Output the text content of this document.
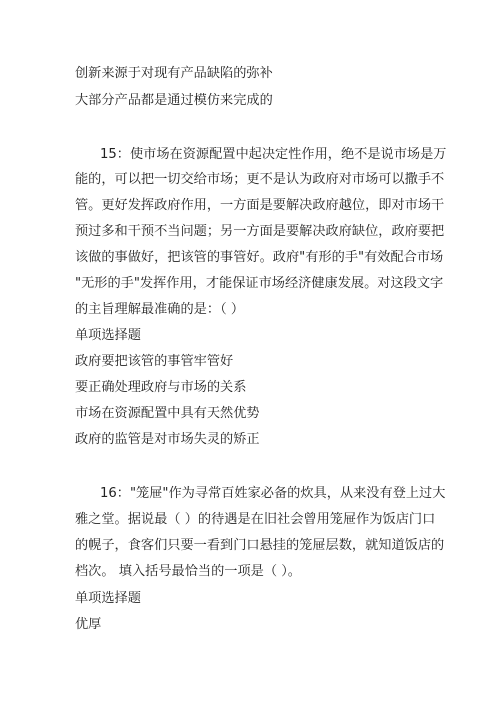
创新来源于对现有产品缺陷的弥补
大部分产品都是通过模仿来完成的
15：使市场在资源配置中起决定性作用，绝不是说市场是万
能的，可以把一切交给市场；更不是认为政府对市场可以撒手不
管。更好发挥政府作用，一方面是要解决政府越位，即对市场干
预过多和干预不当问题；另一方面是要解决政府缺位，政府要把
该做的事做好，把该管的事管好。政府"有形的手"有效配合市场
"无形的手"发挥作用，才能保证市场经济健康发展。对这段文字
的主旨理解最准确的是：（ ）
单项选择题
政府要把该管的事管牢管好
要正确处理政府与市场的关系
市场在资源配置中具有天然优势
政府的监管是对市场失灵的矫正
16："笼屉"作为寻常百姓家必备的炊具，从来没有登上过大
雅之堂。据说最（ ）的待遇是在旧社会曾用笼屉作为饭店门口
的幌子，食客们只要一看到门口悬挂的笼屉层数，就知道饭店的
档次。 填入括号最恰当的一项是（ ）。
单项选择题
优厚
